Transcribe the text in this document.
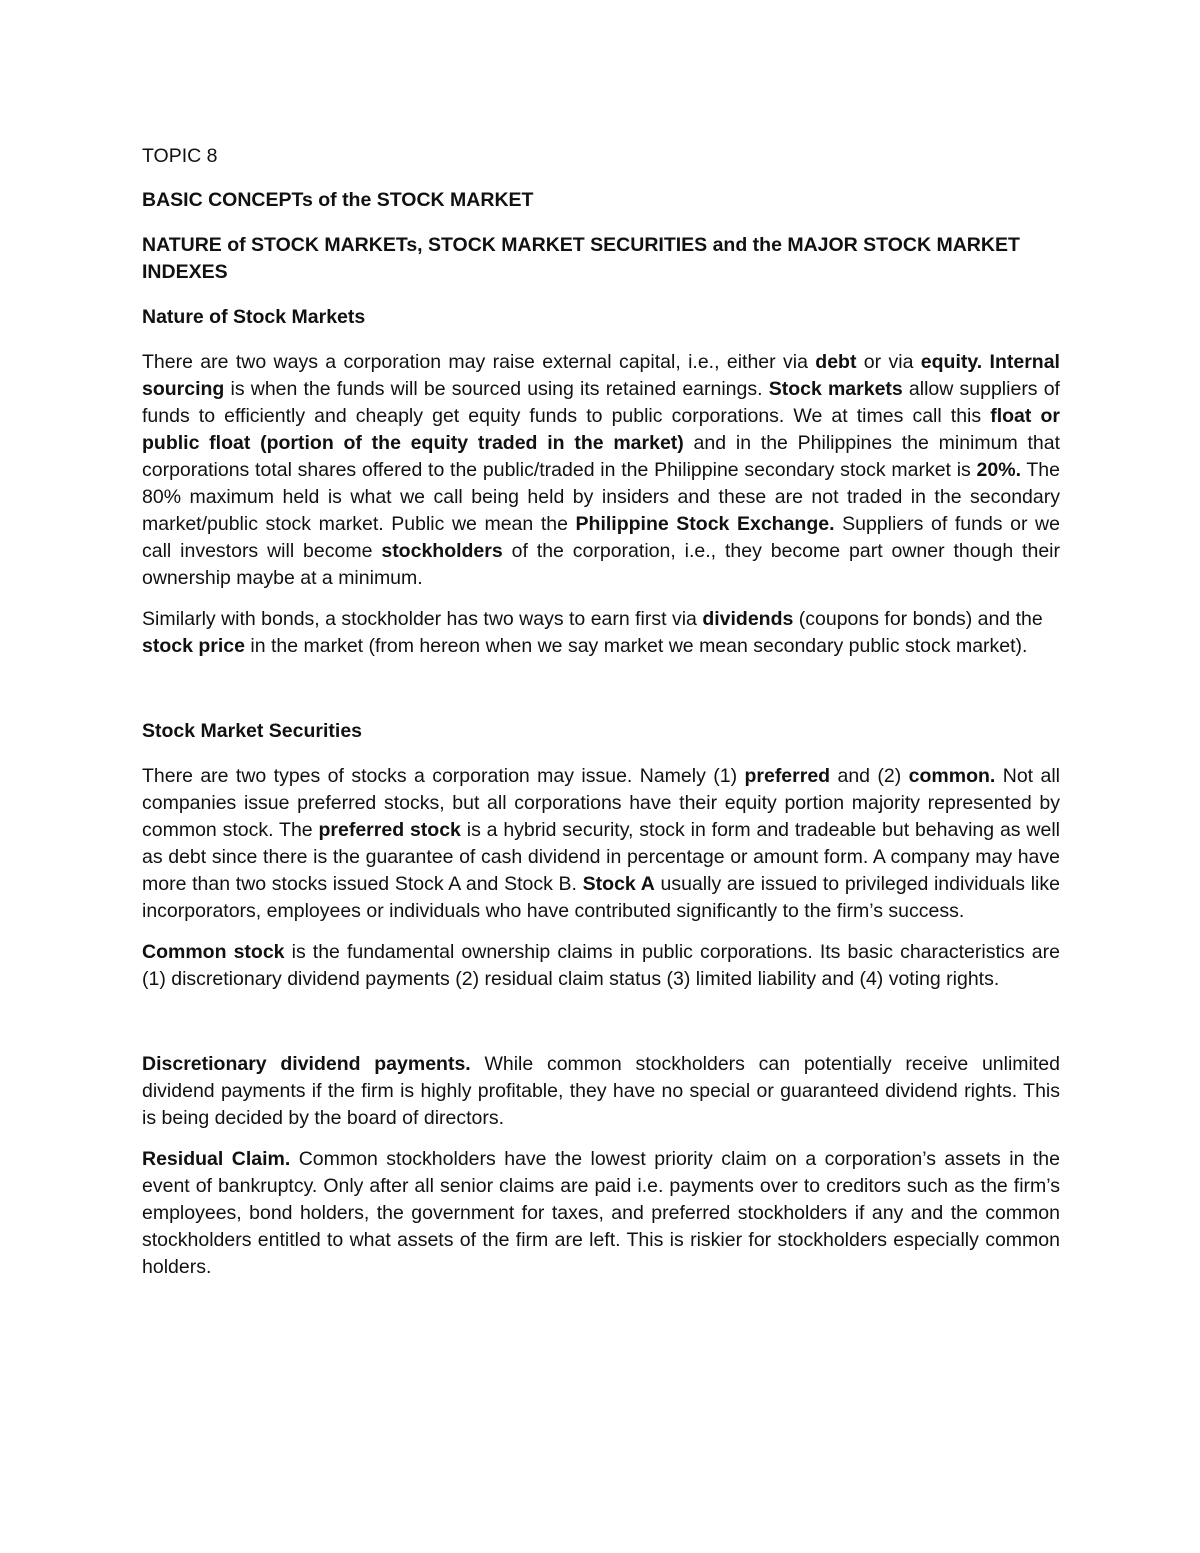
TOPIC 8

BASIC CONCEPTs of the STOCK MARKET

NATURE of STOCK MARKETs, STOCK MARKET SECURITIES and the MAJOR STOCK MARKET INDEXES

Nature of Stock Markets

There are two ways a corporation may raise external capital, i.e., either via debt or via equity. Internal sourcing is when the funds will be sourced using its retained earnings. Stock markets allow suppliers of funds to efficiently and cheaply get equity funds to public corporations. We at times call this float or public float (portion of the equity traded in the market) and in the Philippines the minimum that corporations total shares offered to the public/traded in the Philippine secondary stock market is 20%. The 80% maximum held is what we call being held by insiders and these are not traded in the secondary market/public stock market. Public we mean the Philippine Stock Exchange. Suppliers of funds or we call investors will become stockholders of the corporation, i.e., they become part owner though their ownership maybe at a minimum.

Similarly with bonds, a stockholder has two ways to earn first via dividends (coupons for bonds) and the stock price in the market (from hereon when we say market we mean secondary public stock market).

Stock Market Securities

There are two types of stocks a corporation may issue. Namely (1) preferred and (2) common. Not all companies issue preferred stocks, but all corporations have their equity portion majority represented by common stock. The preferred stock is a hybrid security, stock in form and tradeable but behaving as well as debt since there is the guarantee of cash dividend in percentage or amount form. A company may have more than two stocks issued Stock A and Stock B. Stock A usually are issued to privileged individuals like incorporators, employees or individuals who have contributed significantly to the firm’s success.

Common stock is the fundamental ownership claims in public corporations. Its basic characteristics are (1) discretionary dividend payments (2) residual claim status (3) limited liability and (4) voting rights.

Discretionary dividend payments. While common stockholders can potentially receive unlimited dividend payments if the firm is highly profitable, they have no special or guaranteed dividend rights. This is being decided by the board of directors.

Residual Claim. Common stockholders have the lowest priority claim on a corporation’s assets in the event of bankruptcy. Only after all senior claims are paid i.e. payments over to creditors such as the firm’s employees, bond holders, the government for taxes, and preferred stockholders if any and the common stockholders entitled to what assets of the firm are left. This is riskier for stockholders especially common holders.
